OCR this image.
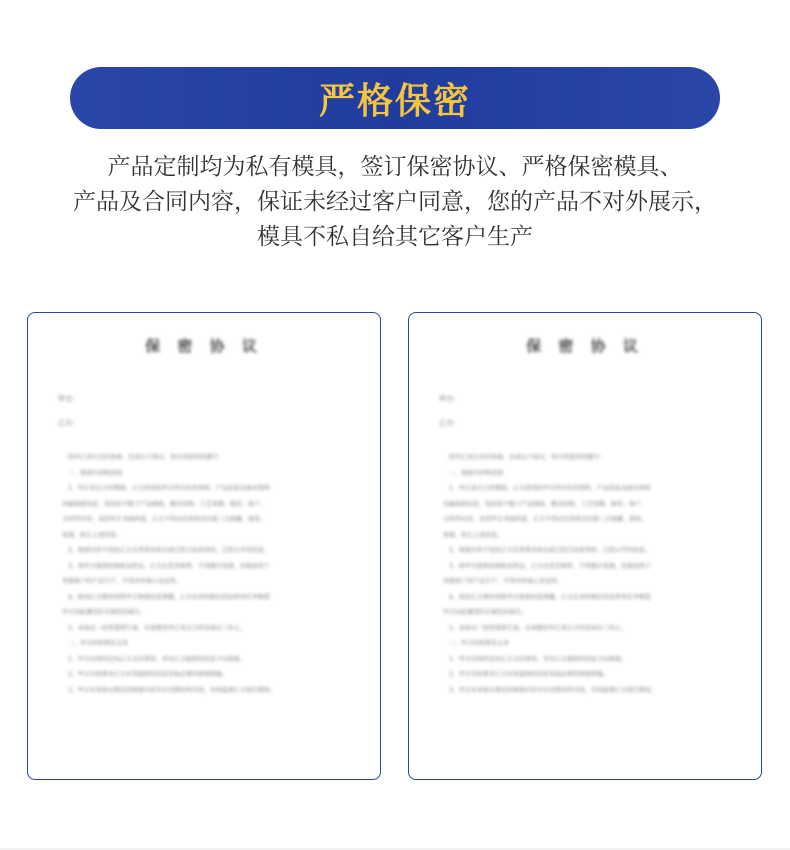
严格保密
产品定制均为私有模具，签订保密协议、严格保密模具、
产品及合同内容，保证未经过客户同意，您的产品不对外展示，
模具不私自给其它客户生产
保 密 协 议
甲方:
乙方:
经甲乙双方友好协商，达成以下协议，双方同意共同遵守：
一、保密内容和范围
1、甲乙双方合作期间，乙方获得的甲方所有技术资料、产品信息及商业资料
均属保密信息，包括但不限于产品图纸、模具结构、工艺参数、报价、客户、
合同等内容，未经甲方书面同意，乙方不得以任何形式向第三方披露、使用、
复制、转让上述信息。
2、保密内容不包括乙方在签署本协议前已经合法获得的、已经公开的信息。
3、如甲方提供的图纸及样品，乙方应妥善保管，不得擅自复制、仿制或用于
其他客户的产品生产，不得对外展示及宣传。
4、如因乙方原因导致甲方保密信息泄露，乙方应承担相应的法律责任并赔偿
甲方因此遭受的全部经济损失。
5、本协议一经签署即生效，有效期至甲乙双方合作结束后三年止。
二、甲方的权利及义务
1、甲方应按约定向乙方支付费用，并对乙方提供的信息予以保密。
2、甲方有权要求乙方对其提供的信息采取必要的保密措施。
3、甲方对本协议规定的保密内容享有完整的所有权，有权监督乙方执行情况。
保 密 协 议
甲方:
乙方:
经甲乙双方友好协商，达成以下协议，双方同意共同遵守：
一、保密内容和范围
1、甲乙双方合作期间，乙方获得的甲方所有技术资料、产品信息及商业资料
均属保密信息，包括但不限于产品图纸、模具结构、工艺参数、报价、客户、
合同等内容，未经甲方书面同意，乙方不得以任何形式向第三方披露、使用、
复制、转让上述信息。
2、保密内容不包括乙方在签署本协议前已经合法获得的、已经公开的信息。
3、如甲方提供的图纸及样品，乙方应妥善保管，不得擅自复制、仿制或用于
其他客户的产品生产，不得对外展示及宣传。
4、如因乙方原因导致甲方保密信息泄露，乙方应承担相应的法律责任并赔偿
甲方因此遭受的全部经济损失。
5、本协议一经签署即生效，有效期至甲乙双方合作结束后三年止。
二、甲方的权利及义务
1、甲方应按约定向乙方支付费用，并对乙方提供的信息予以保密。
2、甲方有权要求乙方对其提供的信息采取必要的保密措施。
3、甲方对本协议规定的保密内容享有完整的所有权，有权监督乙方执行情况。
